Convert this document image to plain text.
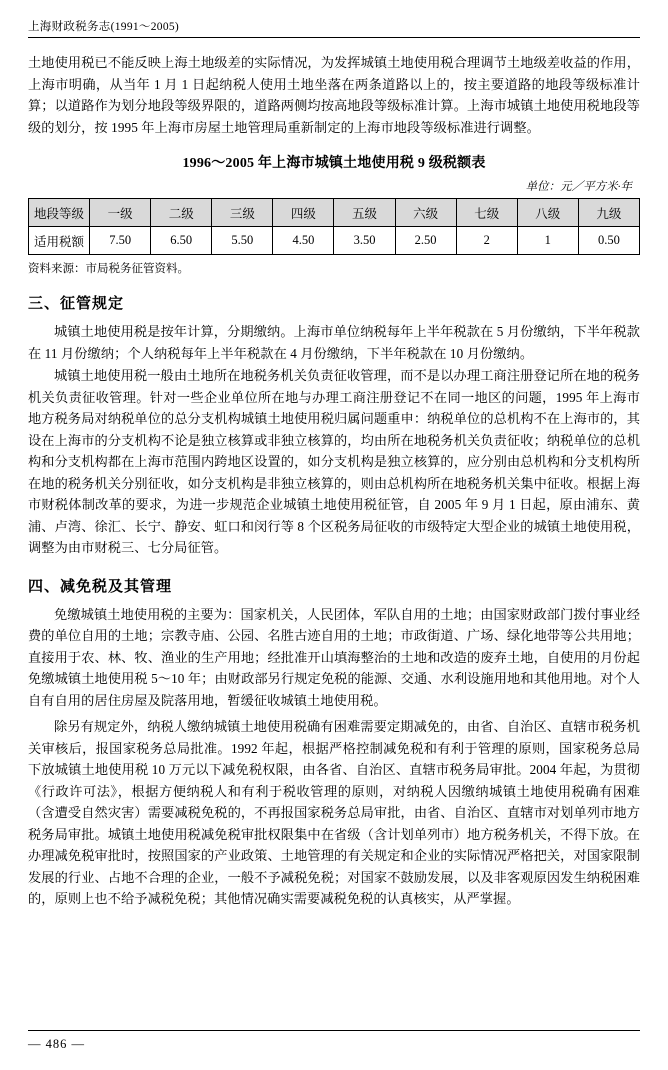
上海财政税务志(1991～2005)

土地使用税已不能反映上海土地级差的实际情况，为发挥城镇土地使用税合理调节土地级差收益的作用，上海市明确，从当年 1 月 1 日起纳税人使用土地坐落在两条道路以上的，按主要道路的地段等级标准计算；以道路作为划分地段等级界限的，道路两侧均按高地段等级标准计算。上海市城镇土地使用税地段等级的划分，按 1995 年上海市房屋土地管理局重新制定的上海市地段等级标准进行调整。

1996～2005 年上海市城镇土地使用税 9 级税额表
单位：元／平方米·年
地段等级	一级	二级	三级	四级	五级	六级	七级	八级	九级
适用税额	7.50	6.50	5.50	4.50	3.50	2.50	2	1	0.50

资料来源：市局税务征管资料。

三、征管规定

城镇土地使用税是按年计算，分期缴纳。上海市单位纳税每年上半年税款在 5 月份缴纳，下半年税款在 11 月份缴纳；个人纳税每年上半年税款在 4 月份缴纳，下半年税款在 10 月份缴纳。

城镇土地使用税一般由土地所在地税务机关负责征收管理，而不是以办理工商注册登记所在地的税务机关负责征收管理。针对一些企业单位所在地与办理工商注册登记不在同一地区的问题，1995 年上海市地方税务局对纳税单位的总分支机构城镇土地使用税归属问题重申：纳税单位的总机构不在上海市的，其设在上海市的分支机构不论是独立核算或非独立核算的，均由所在地税务机关负责征收；纳税单位的总机构和分支机构都在上海市范围内跨地区设置的，如分支机构是独立核算的，应分别由总机构和分支机构所在地的税务机关分别征收，如分支机构是非独立核算的，则由总机构所在地税务机关集中征收。根据上海市财税体制改革的要求，为进一步规范企业城镇土地使用税征管，自 2005 年 9 月 1 日起，原由浦东、黄浦、卢湾、徐汇、长宁、静安、虹口和闵行等 8 个区税务局征收的市级特定大型企业的城镇土地使用税，调整为由市财税三、七分局征管。

四、减免税及其管理

免缴城镇土地使用税的主要为：国家机关，人民团体，军队自用的土地；由国家财政部门拨付事业经费的单位自用的土地；宗教寺庙、公园、名胜古迹自用的土地；市政街道、广场、绿化地带等公共用地；直接用于农、林、牧、渔业的生产用地；经批准开山填海整治的土地和改造的废弃土地，自使用的月份起免缴城镇土地使用税 5～10 年；由财政部另行规定免税的能源、交通、水利设施用地和其他用地。对个人自有自用的居住房屋及院落用地，暂缓征收城镇土地使用税。

除另有规定外，纳税人缴纳城镇土地使用税确有困难需要定期减免的，由省、自治区、直辖市税务机关审核后，报国家税务总局批准。1992 年起，根据严格控制减免税和有利于管理的原则，国家税务总局下放城镇土地使用税 10 万元以下减免税权限，由各省、自治区、直辖市税务局审批。2004 年起，为贯彻《行政许可法》，根据方便纳税人和有利于税收管理的原则，对纳税人因缴纳城镇土地使用税确有困难（含遭受自然灾害）需要减税免税的，不再报国家税务总局审批，由省、自治区、直辖市对划单列市地方税务局审批。城镇土地使用税减免税审批权限集中在省级（含计划单列市）地方税务机关，不得下放。在办理减免税审批时，按照国家的产业政策、土地管理的有关规定和企业的实际情况严格把关，对国家限制发展的行业、占地不合理的企业，一般不予减税免税；对国家不鼓励发展，以及非客观原因发生纳税困难的，原则上也不给予减税免税；其他情况确实需要减税免税的认真核实，从严掌握。

— 486 —
